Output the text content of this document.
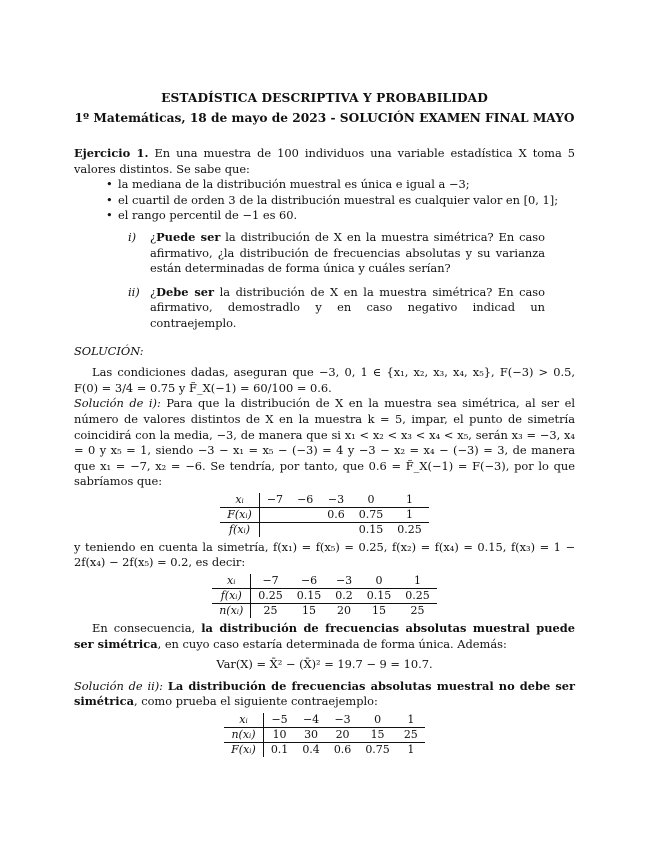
ESTADÍSTICA DESCRIPTIVA Y PROBABILIDAD
1º Matemáticas, 18 de mayo de 2023 - SOLUCIÓN EXAMEN FINAL MAYO

Ejercicio 1. En una muestra de 100 individuos una variable estadística X toma 5 valores distintos. Se sabe que:

• la mediana de la distribución muestral es única e igual a −3;
• el cuartil de orden 3 de la distribución muestral es cualquier valor en [0, 1];
• el rango percentil de −1 es 60.
i) ¿Puede ser la distribución de X en la muestra simétrica? En caso afirmativo, ¿la distribución de frecuencias absolutas y su varianza están determinadas de forma única y cuáles serían?
ii) ¿Debe ser la distribución de X en la muestra simétrica? En caso afirmativo, demostradlo y en caso negativo indicad un contraejemplo.
SOLUCIÓN:

Las condiciones dadas, aseguran que −3, 0, 1 ∈ {x₁, x₂, x₃, x₄, x₅}, F(−3) > 0.5, F(0) = 3/4 = 0.75 y F̃_X(−1) = 60/100 = 0.6.

Solución de i): Para que la distribución de X en la muestra sea simétrica, al ser el número de valores distintos de X en la muestra k = 5, impar, el punto de simetría coincidirá con la media, −3, de manera que si x₁ < x₂ < x₃ < x₄ < x₅, serán x₃ = −3, x₄ = 0 y x₅ = 1, siendo −3 − x₁ = x₅ − (−3) = 4 y −3 − x₂ = x₄ − (−3) = 3, de manera que x₁ = −7, x₂ = −6. Se tendría, por tanto, que 0.6 = F̃_X(−1) = F(−3), por lo que sabríamos que:

xᵢ	−7	−6	−3	0	1
F(xᵢ)			0.6	0.75	1
f(xᵢ)				0.15	0.25

y teniendo en cuenta la simetría, f(x₁) = f(x₅) = 0.25, f(x₂) = f(x₄) = 0.15, f(x₃) = 1 − 2f(x₄) − 2f(x₅) = 0.2, es decir:

xᵢ	−7	−6	−3	0	1
f(xᵢ)	0.25	0.15	0.2	0.15	0.25
n(xᵢ)	25	15	20	15	25

En consecuencia, la distribución de frecuencias absolutas muestral puede ser simétrica, en cuyo caso estaría determinada de forma única. Además:

Var(X) = X̄² − (X̄)² = 19.7 − 9 = 10.7.

Solución de ii): La distribución de frecuencias absolutas muestral no debe ser simétrica, como prueba el siguiente contraejemplo:

xᵢ	−5	−4	−3	0	1
n(xᵢ)	10	30	20	15	25
F(xᵢ)	0.1	0.4	0.6	0.75	1
